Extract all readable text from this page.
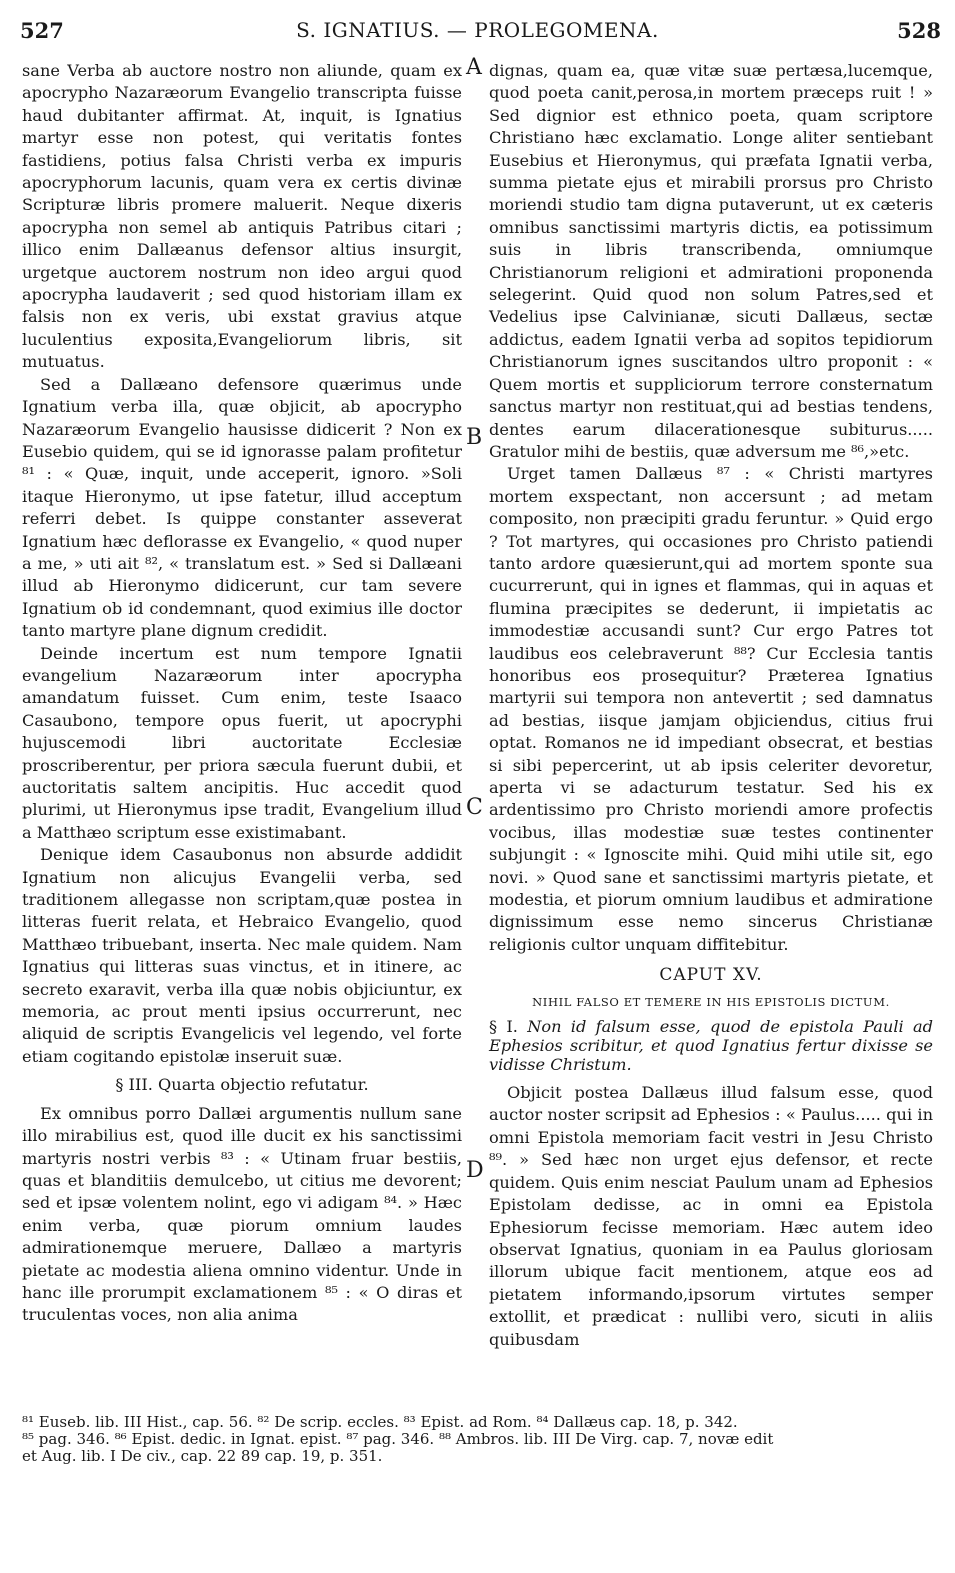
527	S. IGNATIUS. — PROLEGOMENA.	528
A
B
C
D

sane Verba ab auctore nostro non aliunde, quam ex apocrypho Nazaræorum Evangelio transcripta fuisse haud dubitanter affirmat. At, inquit, is Ignatius martyr esse non potest, qui veritatis fontes fastidiens, potius falsa Christi verba ex impuris apocryphorum lacunis, quam vera ex certis divinæ Scripturæ libris promere maluerit. Neque dixeris apocrypha non semel ab antiquis Patribus citari ; illico enim Dallæanus defensor altius insurgit, urgetque auctorem nostrum non ideo argui quod apocrypha laudaverit ; sed quod historiam illam ex falsis non ex veris, ubi exstat gravius atque luculentius exposita,Evangeliorum libris, sit mutuatus.

Sed a Dallæano defensore quærimus unde Ignatium verba illa, quæ objicit, ab apocrypho Nazaræorum Evangelio hausisse didicerit ? Non ex Eusebio quidem, qui se id ignorasse palam profitetur ⁸¹ : « Quæ, inquit, unde acceperit, ignoro. »Soli itaque Hieronymo, ut ipse fatetur, illud acceptum referri debet. Is quippe constanter asseverat Ignatium hæc deflorasse ex Evangelio, « quod nuper a me, » uti ait ⁸², « translatum est. » Sed si Dallæani illud ab Hieronymo didicerunt, cur tam severe Ignatium ob id condemnant, quod eximius ille doctor tanto martyre plane dignum credidit.

Deinde incertum est num tempore Ignatii evangelium Nazaræorum inter apocrypha amandatum fuisset. Cum enim, teste Isaaco Casaubono, tempore opus fuerit, ut apocryphi hujuscemodi libri auctoritate Ecclesiæ proscriberentur, per priora sæcula fuerunt dubii, et auctoritatis saltem ancipitis. Huc accedit quod plurimi, ut Hieronymus ipse tradit, Evangelium illud a Matthæo scriptum esse existimabant.

Denique idem Casaubonus non absurde addidit Ignatium non alicujus Evangelii verba, sed traditionem allegasse non scriptam,quæ postea in litteras fuerit relata, et Hebraico Evangelio, quod Matthæo tribuebant, inserta. Nec male quidem. Nam Ignatius qui litteras suas vinctus, et in itinere, ac secreto exaravit, verba illa quæ nobis objiciuntur, ex memoria, ac prout menti ipsius occurrerunt, nec aliquid de scriptis Evangelicis vel legendo, vel forte etiam cogitando epistolæ inseruit suæ.

§ III. Quarta objectio refutatur.

Ex omnibus porro Dallæi argumentis nullum sane illo mirabilius est, quod ille ducit ex his sanctissimi martyris nostri verbis ⁸³ : « Utinam fruar bestiis, quas et blanditiis demulcebo, ut citius me devorent; sed et ipsæ volentem nolint, ego vi adigam ⁸⁴. » Hæc enim verba, quæ piorum omnium laudes admirationemque meruere, Dallæo a martyris pietate ac modestia aliena omnino videntur. Unde in hanc ille prorumpit exclamationem ⁸⁵ : « O diras et truculentas voces, non alia anima

dignas, quam ea, quæ vitæ suæ pertæsa,lucemque, quod poeta canit,perosa,in mortem præceps ruit ! » Sed dignior est ethnico poeta, quam scriptore Christiano hæc exclamatio. Longe aliter sentiebant Eusebius et Hieronymus, qui præfata Ignatii verba, summa pietate ejus et mirabili prorsus pro Christo moriendi studio tam digna putaverunt, ut ex cæteris omnibus sanctissimi martyris dictis, ea potissimum suis in libris transcribenda, omniumque Christianorum religioni et admirationi proponenda selegerint. Quid quod non solum Patres,sed et Vedelius ipse Calvinianæ, sicuti Dallæus, sectæ addictus, eadem Ignatii verba ad sopitos tepidiorum Christianorum ignes suscitandos ultro proponit : « Quem mortis et suppliciorum terrore consternatum sanctus martyr non restituat,qui ad bestias tendens, dentes earum dilacerationesque subiturus..... Gratulor mihi de bestiis, quæ adversum me ⁸⁶,»etc.

Urget tamen Dallæus ⁸⁷ : « Christi martyres mortem exspectant, non accersunt ; ad metam composito, non præcipiti gradu feruntur. » Quid ergo ? Tot martyres, qui occasiones pro Christo patiendi tanto ardore quæsierunt,qui ad mortem sponte sua cucurrerunt, qui in ignes et flammas, qui in aquas et flumina præcipites se dederunt, ii impietatis ac immodestiæ accusandi sunt? Cur ergo Patres tot laudibus eos celebraverunt ⁸⁸? Cur Ecclesia tantis honoribus eos prosequitur? Præterea Ignatius martyrii sui tempora non antevertit ; sed damnatus ad bestias, iisque jamjam objiciendus, citius frui optat. Romanos ne id impediant obsecrat, et bestias si sibi pepercerint, ut ab ipsis celeriter devoretur, aperta vi se adacturum testatur. Sed his ex ardentissimo pro Christo moriendi amore profectis vocibus, illas modestiæ suæ testes continenter subjungit : « Ignoscite mihi. Quid mihi utile sit, ego novi. » Quod sane et sanctissimi martyris pietate, et modestia, et piorum omnium laudibus et admiratione dignissimum esse nemo sincerus Christianæ religionis cultor unquam diffitebitur.

CAPUT XV.

NIHIL FALSO ET TEMERE IN HIS EPISTOLIS DICTUM.

§ I. Non id falsum esse, quod de epistola Pauli ad Ephesios scribitur, et quod Ignatius fertur dixisse se vidisse Christum.

Objicit postea Dallæus illud falsum esse, quod auctor noster scripsit ad Ephesios : « Paulus..... qui in omni Epistola memoriam facit vestri in Jesu Christo ⁸⁹. » Sed hæc non urget ejus defensor, et recte quidem. Quis enim nesciat Paulum unam ad Ephesios Epistolam dedisse, ac in omni ea Epistola Ephesiorum fecisse memoriam. Hæc autem ideo observat Ignatius, quoniam in ea Paulus gloriosam illorum ubique facit mentionem, atque eos ad pietatem informando,ipsorum virtutes semper extollit, et prædicat : nullibi vero, sicuti in aliis quibusdam

⁸¹ Euseb. lib. III Hist., cap. 56. ⁸² De scrip. eccles. ⁸³ Epist. ad Rom. ⁸⁴ Dallæus cap. 18, p. 342.
⁸⁵ pag. 346. ⁸⁶ Epist. dedic. in Ignat. epist. ⁸⁷ pag. 346. ⁸⁸ Ambros. lib. III De Virg. cap. 7, novæ edit
et Aug. lib. I De civ., cap. 22 89 cap. 19, p. 351.
